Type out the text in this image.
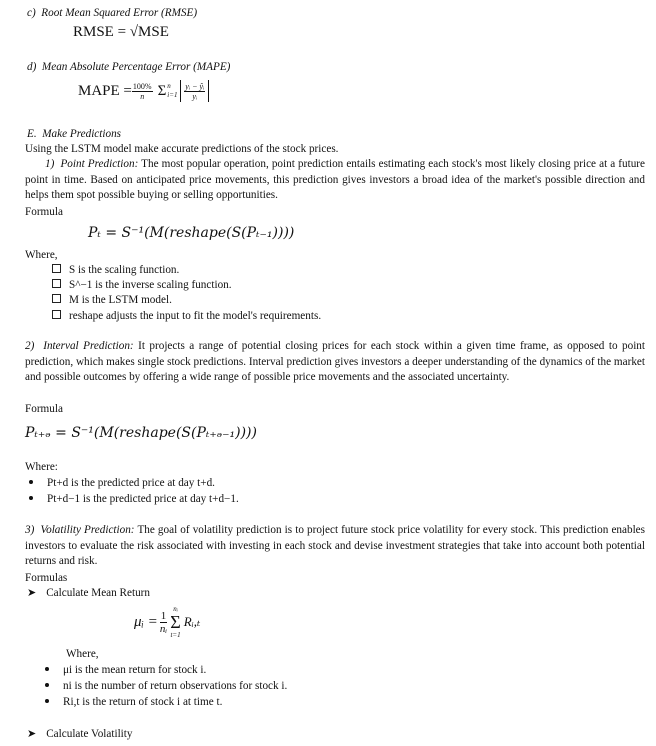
c)  Root Mean Squared Error (RMSE)
RMSE = √MSE
d)  Mean Absolute Percentage Error (MAPE)
MAPE = $\frac{100\%}{n}$ Σ n
$i=1 \frac{\text{yᵢ − ŷᵢ}}{\text{yᵢ}}$
E.  Make Predictions
Using the LSTM model make accurate predictions of the stock prices.
1)  Point Prediction: The most popular operation, point prediction entails estimating each stock's most likely closing price at a future point in time. Based on anticipated price movements, this prediction gives investors a broad idea of the market's possible direction and helps them spot possible buying or selling opportunities.
Formula
Pₜ = S⁻¹(M(reshape(S(Pₜ₋₁))))
Where,
S is the scaling function.
S^−1 is the inverse scaling function.
M is the LSTM model.
reshape adjusts the input to fit the model's requirements.
2)  Interval Prediction: It projects a range of potential closing prices for each stock within a given time frame, as opposed to point prediction, which makes single stock predictions. Interval prediction gives investors a deeper understanding of the dynamics of the market and possible outcomes by offering a wide range of possible price movements and the associated uncertainty.
Formula
Pₜ₊ₔ = S⁻¹(M(reshape(S(Pₜ₊ₔ₋₁))))
Where:
Pt+d is the predicted price at day t+d.
Pt+d−1 is the predicted price at day t+d−1.
3)  Volatility Prediction: The goal of volatility prediction is to project future stock price volatility for every stock. This prediction enables investors to evaluate the risk associated with investing in each stock and devise investment strategies that take into account both potential returns and risk.
Formulas
➤ Calculate Mean Return
μᵢ = $\frac{1}{\text{nᵢ}}$
nᵢ
Σ
t=1
Rᵢ,ₜ
Where,
μi is the mean return for stock i.
ni is the number of return observations for stock i.
Ri,t is the return of stock i at time t.
➤ Calculate Volatility
